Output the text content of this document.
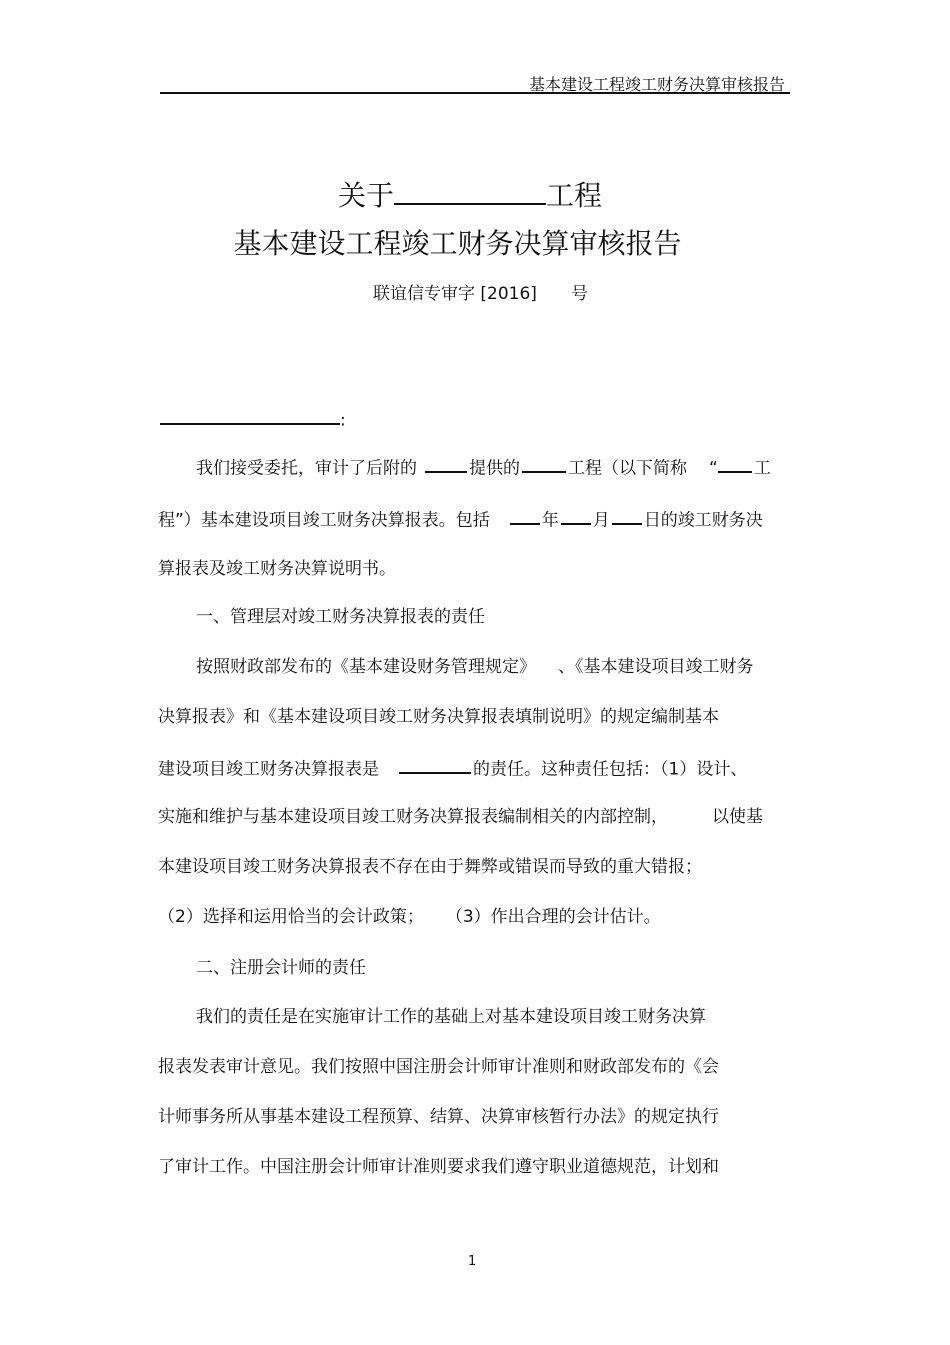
基本建设工程竣工财务决算审核报告
关于	工程
基本建设工程竣工财务决算审核报告
联谊信专审字 [2016] 号
:
我们接受委托，审计了后附的	提供的	工程（以下简称 “ 工
程”）基本建设项目竣工财务决算报表。包括	年 月 日的竣工财务决
算报表及竣工财务决算说明书。
一、管理层对竣工财务决算报表的责任
按照财政部发布的《基本建设财务管理规定》 、《基本建设项目竣工财务
决算报表》和《基本建设项目竣工财务决算报表填制说明》的规定编制基本
建设项目竣工财务决算报表是	的责任。这种责任包括：（1）设计、
实施和维护与基本建设项目竣工财务决算报表编制相关的内部控制，	以使基
本建设项目竣工财务决算报表不存在由于舞弊或错误而导致的重大错报；
（2）选择和运用恰当的会计政策； （3）作出合理的会计估计。
二、注册会计师的责任
我们的责任是在实施审计工作的基础上对基本建设项目竣工财务决算
报表发表审计意见。我们按照中国注册会计师审计准则和财政部发布的《会
计师事务所从事基本建设工程预算、结算、决算审核暂行办法》的规定执行
了审计工作。中国注册会计师审计准则要求我们遵守职业道德规范，计划和
1
